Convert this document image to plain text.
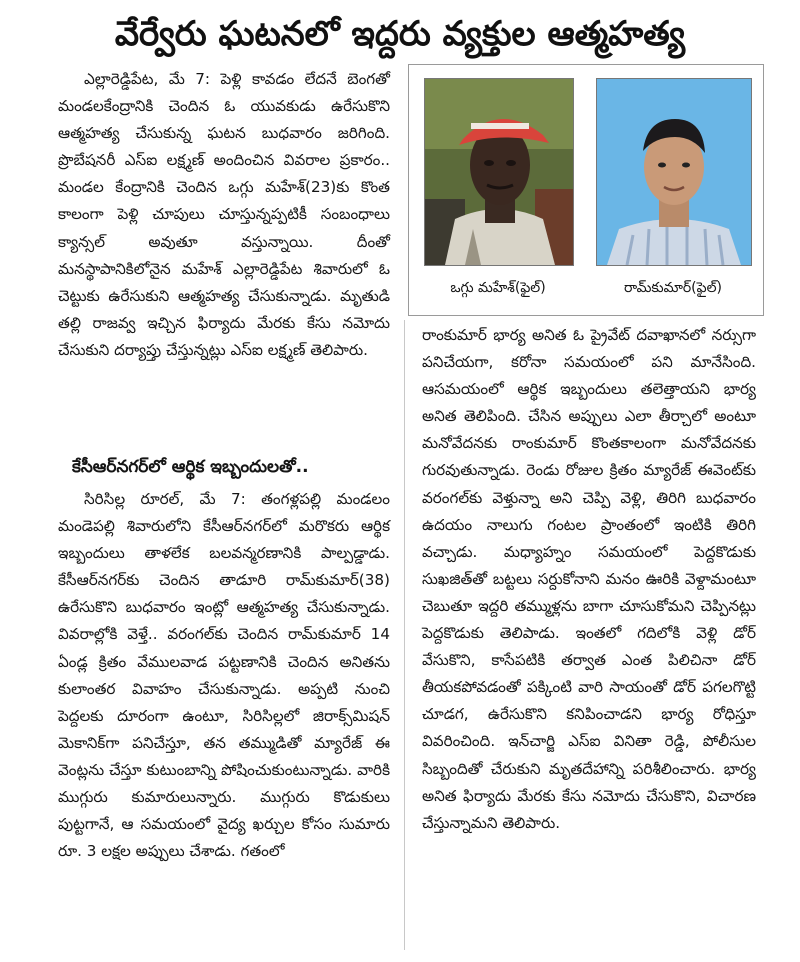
వేర్వేరు ఘటనలో ఇద్దరు వ్యక్తుల ఆత్మహత్య

ఎల్లారెడ్డిపేట, మే 7: పెళ్లి కావడం లేదనే బెంగతో మండలకేంద్రానికి చెందిన ఓ యువకుడు ఉరేసుకొని ఆత్మహత్య చేసుకున్న ఘటన బుధవారం జరిగింది. ప్రొబేషనరీ ఎస్ఐ లక్ష్మణ్ అందించిన వివరాల ప్రకారం.. మండల కేంద్రానికి చెందిన ఒగ్గు మహేశ్(23)కు కొంత కాలంగా పెళ్లి చూపులు చూస్తున్నప్పటికీ సంబంధాలు క్యాన్సల్ అవుతూ వస్తున్నాయి. దీంతో మనస్థాపానికిలోనైన మహేశ్ ఎల్లారెడ్డిపేట శివారులో ఓ చెట్టుకు ఉరేసుకుని ఆత్మహత్య చేసుకున్నాడు. మృతుడి తల్లి రాజవ్వ ఇచ్చిన ఫిర్యాదు మేరకు కేసు నమోదు చేసుకుని దర్యాప్తు చేస్తున్నట్లు ఎస్ఐ లక్ష్మణ్ తెలిపారు.

కేసీఆర్‌నగర్‌లో ఆర్థిక ఇబ్బందులతో..

సిరిసిల్ల రూరల్, మే 7: తంగళ్లపల్లి మండలం మండెపల్లి శివారులోని కేసీఆర్‌నగర్‌లో మరొకరు ఆర్థిక ఇబ్బందులు తాళలేక బలవన్మరణానికి పాల్పడ్డాడు. కేసీఆర్‌నగర్‌కు చెందిన తాడూరి రామ్‌కుమార్(38) ఉరేసుకొని బుధవారం ఇంట్లో ఆత్మహత్య చేసుకున్నాడు. వివరాల్లోకి వెళ్తే.. వరంగల్‌కు చెందిన రామ్‌కుమార్ 14 ఏండ్ల క్రితం వేములవాడ పట్టణానికి చెందిన అనితను కులాంతర వివాహం చేసుకున్నాడు. అప్పటి నుంచి పెద్దలకు దూరంగా ఉంటూ, సిరిసిల్లలో జిరాక్స్‌మిషన్ మెకానిక్‌గా పనిచేస్తూ, తన తమ్ముడితో మ్యారేజ్ ఈ వెంట్లను చేస్తూ కుటుంబాన్ని పోషించుకుంటున్నాడు. వారికి ముగ్గురు కుమారులున్నారు. ముగ్గురు కొడుకులు పుట్టగానే, ఆ సమయంలో వైద్య ఖర్చుల కోసం సుమారు రూ. 3 లక్షల అప్పులు చేశాడు. గతంలో

ఒగ్గు మహేశ్(ఫైల్)	రామ్‌కుమార్(ఫైల్)

రాంకుమార్ భార్య అనిత ఓ ప్రైవేట్ దవాఖానలో నర్సుగా పనిచేయగా, కరోనా సమయంలో పని మానేసింది. ఆసమయంలో ఆర్థిక ఇబ్బందులు తలెత్తాయని భార్య అనిత తెలిపింది. చేసిన అప్పులు ఎలా తీర్చాలో అంటూ మనోవేదనకు రాంకుమార్ కొంతకాలంగా మనోవేదనకు గురవుతున్నాడు. రెండు రోజుల క్రితం మ్యారేజ్ ఈవెంట్‌కు వరంగల్‌కు వెళ్తున్నా అని చెప్పి వెళ్లి, తిరిగి బుధవారం ఉదయం నాలుగు గంటల ప్రాంతంలో ఇంటికి తిరిగి వచ్చాడు. మధ్యాహ్నం సమయంలో పెద్దకొడుకు సుఖజిత్‌తో బట్టలు సర్దుకోనాని మనం ఊరికి వెళ్దామంటూ చెబుతూ ఇద్దరి తమ్ముళ్లను బాగా చూసుకోమని చెప్పినట్లు పెద్దకొడుకు తెలిపాడు. ఇంతలో గదిలోకి వెళ్లి డోర్ వేసుకొని, కాసేపటికి తర్వాత ఎంత పిలిచినా డోర్ తీయకపోవడంతో పక్కింటి వారి సాయంతో డోర్ పగలగొట్టి చూడగ, ఉరేసుకొని కనిపించాడని భార్య రోధిస్తూ వివరించింది. ఇన్‌చార్జి ఎస్ఐ వినితా రెడ్డి, పోలీసుల సిబ్బందితో చేరుకుని మృతదేహాన్ని పరిశీలించారు. భార్య అనిత ఫిర్యాదు మేరకు కేసు నమోదు చేసుకొని, విచారణ చేస్తున్నామని తెలిపారు.
